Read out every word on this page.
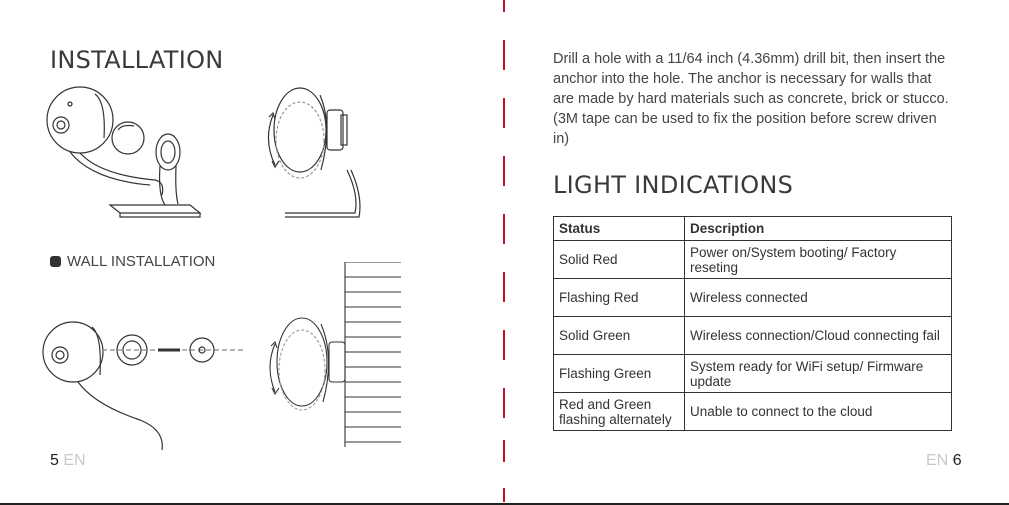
INSTALLATION
WALL INSTALLATION
5 EN

Drill a hole with a 11/64 inch (4.36mm) drill bit, then insert the anchor into the hole. The anchor is necessary for walls that are made by hard materials such as concrete, brick or stucco. (3M tape can be used to fix the position before screw driven in)

LIGHT INDICATIONS
Status	Description
Solid Red	Power on/System booting/ Factory reseting
Flashing Red	Wireless connected
Solid Green	Wireless connection/Cloud connecting fail
Flashing Green	System ready for WiFi setup/ Firmware update
Red and Green flashing alternately	Unable to connect to the cloud
EN 6
